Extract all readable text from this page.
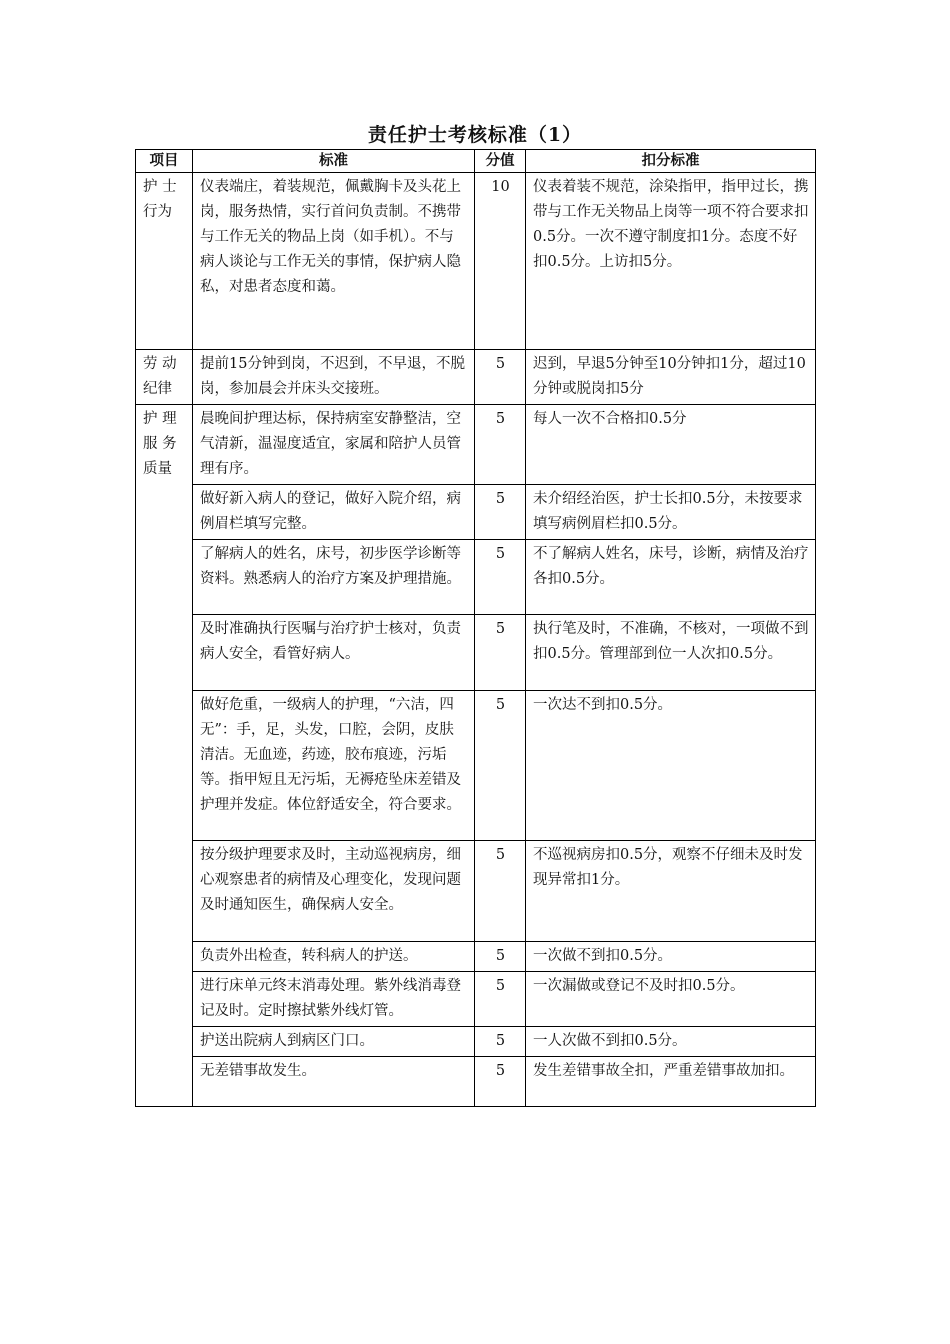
责任护士考核标准（1）
项目	标准	分值	扣分标准

护 士
行为	仪表端庄，着装规范，佩戴胸卡及头花上岗，服务热情，实行首问负责制。不携带与工作无关的物品上岗（如手机）。不与病人谈论与工作无关的事情，保护病人隐私，对患者态度和蔼。	10	仪表着装不规范，涂染指甲，指甲过长，携带与工作无关物品上岗等一项不符合要求扣0.5分。一次不遵守制度扣1分。态度不好扣0.5分。上访扣5分。

劳 动
纪律	提前15分钟到岗，不迟到，不早退，不脱岗，参加晨会并床头交接班。	5	迟到，早退5分钟至10分钟扣1分，超过10分钟或脱岗扣5分

护 理
服 务
质量	晨晚间护理达标，保持病室安静整洁，空气清新，温湿度适宜，家属和陪护人员管理有序。	5	每人一次不合格扣0.5分
	做好新入病人的登记，做好入院介绍，病例眉栏填写完整。	5	未介绍经治医，护士长扣0.5分，未按要求填写病例眉栏扣0.5分。
	了解病人的姓名，床号，初步医学诊断等资料。熟悉病人的治疗方案及护理措施。	5	不了解病人姓名，床号，诊断，病情及治疗各扣0.5分。
	及时准确执行医嘱与治疗护士核对，负责病人安全，看管好病人。	5	执行笔及时，不准确，不核对，一项做不到扣0.5分。管理部到位一人次扣0.5分。
	做好危重，一级病人的护理，“六洁，四无”：手，足，头发，口腔，会阴，皮肤清洁。无血迹，药迹，胶布痕迹，污垢等。指甲短且无污垢，无褥疮坠床差错及护理并发症。体位舒适安全，符合要求。	5	一次达不到扣0.5分。
	按分级护理要求及时，主动巡视病房，细心观察患者的病情及心理变化，发现问题及时通知医生，确保病人安全。	5	不巡视病房扣0.5分，观察不仔细未及时发现异常扣1分。
	负责外出检查，转科病人的护送。	5	一次做不到扣0.5分。
	进行床单元终末消毒处理。紫外线消毒登记及时。定时擦拭紫外线灯管。	5	一次漏做或登记不及时扣0.5分。
	护送出院病人到病区门口。	5	一人次做不到扣0.5分。
	无差错事故发生。	5	发生差错事故全扣，严重差错事故加扣。
